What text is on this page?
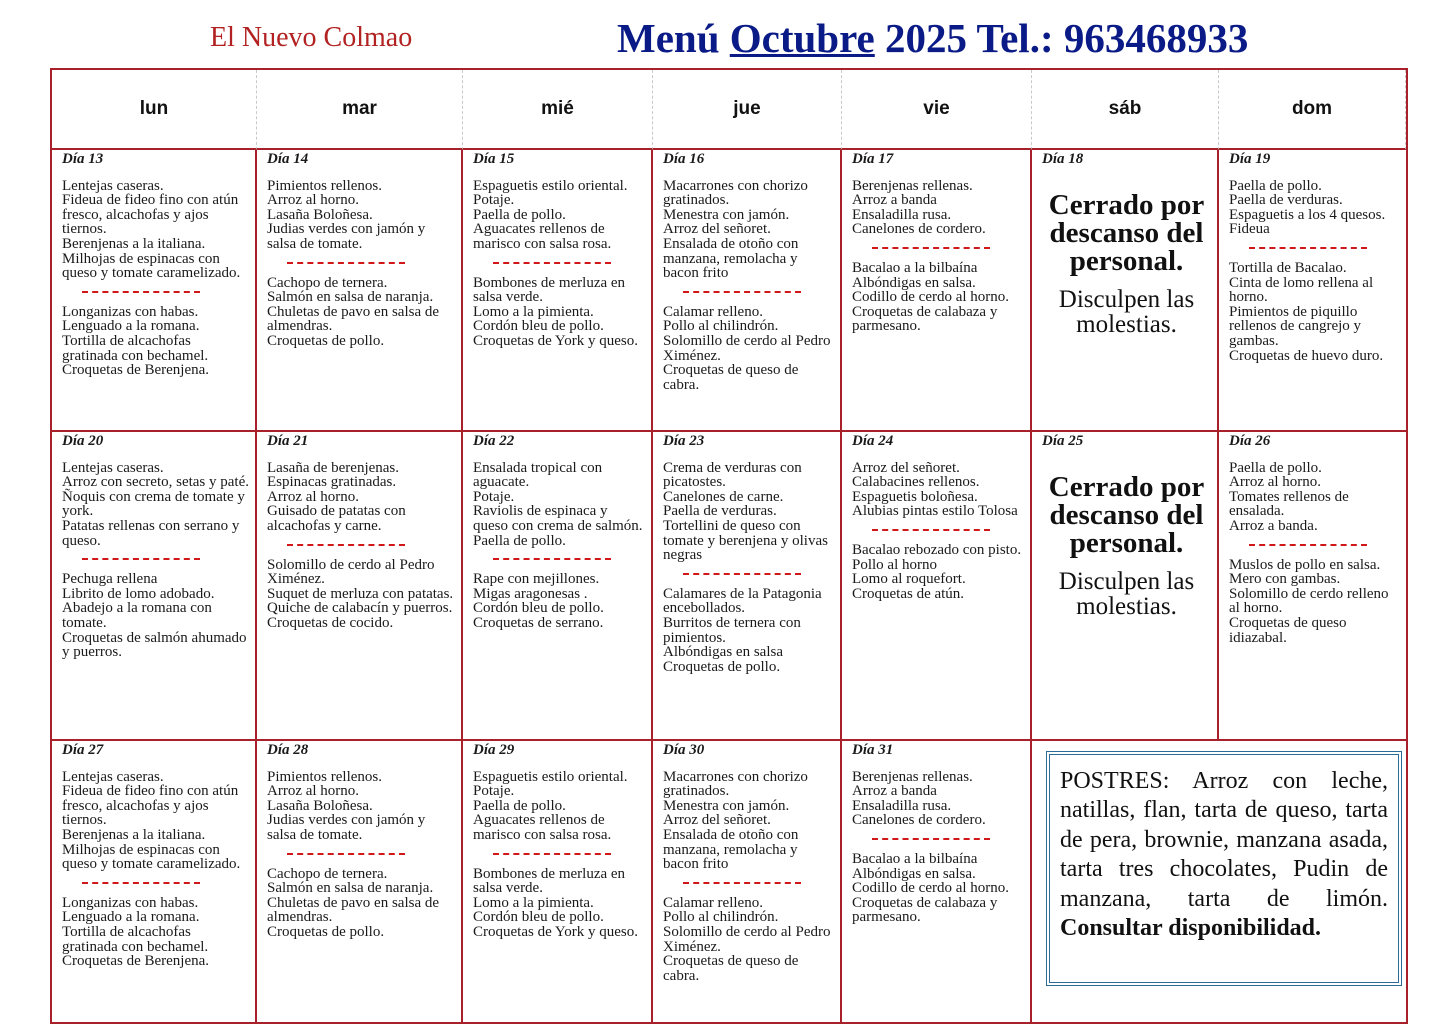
El Nuevo Colmao	Menú Octubre 2025 Tel.: 963468933
lun	mar	mié	jue	vie	sáb	dom
Día 13
Lentejas caseras.
Fideua de fideo fino con atún fresco, alcachofas y ajos tiernos.
Berenjenas a la italiana.
Milhojas de espinacas con queso y tomate caramelizado.
Longanizas con habas.
Lenguado a la romana.
Tortilla de alcachofas gratinada con bechamel.
Croquetas de Berenjena.
Día 14
Pimientos rellenos.
Arroz al horno.
Lasaña Boloñesa.
Judias verdes con jamón y salsa de tomate.
Cachopo de ternera.
Salmón en salsa de naranja.
Chuletas de pavo en salsa de almendras.
Croquetas de pollo.
Día 15
Espaguetis estilo oriental.
Potaje.
Paella de pollo.
Aguacates rellenos de marisco con salsa rosa.
Bombones de merluza en salsa verde.
Lomo a la pimienta.
Cordón bleu de pollo.
Croquetas de York y queso.
Día 16
Macarrones con chorizo gratinados.
Menestra con jamón.
Arroz del señoret.
Ensalada de otoño con manzana, remolacha y bacon frito
Calamar relleno.
Pollo al chilindrón.
Solomillo de cerdo al Pedro Ximénez.
Croquetas de queso de cabra.
Día 17
Berenjenas rellenas.
Arroz a banda
Ensaladilla rusa.
Canelones de cordero.
Bacalao a la bilbaína
Albóndigas en salsa.
Codillo de cerdo al horno.
Croquetas de calabaza y parmesano.
Día 18
Cerrado por descanso del personal.
Disculpen las molestias.
Día 19
Paella de pollo.
Paella de verduras.
Espaguetis a los 4 quesos.
Fideua
Tortilla de Bacalao.
Cinta de lomo rellena al horno.
Pimientos de piquillo rellenos de cangrejo y gambas.
Croquetas de huevo duro.
Día 20
Lentejas caseras.
Arroz con secreto, setas y paté.
Ñoquis con crema de tomate y york.
Patatas rellenas con serrano y queso.
Pechuga rellena
Librito de lomo adobado.
Abadejo a la romana con tomate.
Croquetas de salmón ahumado y puerros.
Día 21
Lasaña de berenjenas.
Espinacas gratinadas.
Arroz al horno.
Guisado de patatas con alcachofas y carne.
Solomillo de cerdo al Pedro Ximénez.
Suquet de merluza con patatas.
Quiche de calabacín y puerros.
Croquetas de cocido.
Día 22
Ensalada tropical con aguacate.
Potaje.
Raviolis de espinaca y queso con crema de salmón.
Paella de pollo.
Rape con mejillones.
Migas aragonesas .
Cordón bleu de pollo.
Croquetas de serrano.
Día 23
Crema de verduras con picatostes.
Canelones de carne.
Paella de verduras.
Tortellini de queso con tomate y berenjena y olivas negras
Calamares de la Patagonia encebollados.
Burritos de ternera con pimientos.
Albóndigas en salsa
Croquetas de pollo.
Día 24
Arroz del señoret.
Calabacines rellenos.
Espaguetis boloñesa.
Alubias pintas estilo Tolosa
Bacalao rebozado con pisto.
Pollo al horno
Lomo al roquefort.
Croquetas de atún.
Día 25
Cerrado por descanso del personal.
Disculpen las molestias.
Día 26
Paella de pollo.
Arroz al horno.
Tomates rellenos de ensalada.
Arroz a banda.
Muslos de pollo en salsa.
Mero con gambas.
Solomillo de cerdo relleno al horno.
Croquetas de queso idiazabal.
Día 27
Lentejas caseras.
Fideua de fideo fino con atún fresco, alcachofas y ajos tiernos.
Berenjenas a la italiana.
Milhojas de espinacas con queso y tomate caramelizado.
Longanizas con habas.
Lenguado a la romana.
Tortilla de alcachofas gratinada con bechamel.
Croquetas de Berenjena.
Día 28
Pimientos rellenos.
Arroz al horno.
Lasaña Boloñesa.
Judias verdes con jamón y salsa de tomate.
Cachopo de ternera.
Salmón en salsa de naranja.
Chuletas de pavo en salsa de almendras.
Croquetas de pollo.
Día 29
Espaguetis estilo oriental.
Potaje.
Paella de pollo.
Aguacates rellenos de marisco con salsa rosa.
Bombones de merluza en salsa verde.
Lomo a la pimienta.
Cordón bleu de pollo.
Croquetas de York y queso.
Día 30
Macarrones con chorizo gratinados.
Menestra con jamón.
Arroz del señoret.
Ensalada de otoño con manzana, remolacha y bacon frito
Calamar relleno.
Pollo al chilindrón.
Solomillo de cerdo al Pedro Ximénez.
Croquetas de queso de cabra.
Día 31
Berenjenas rellenas.
Arroz a banda
Ensaladilla rusa.
Canelones de cordero.
Bacalao a la bilbaína
Albóndigas en salsa.
Codillo de cerdo al horno.
Croquetas de calabaza y parmesano.
POSTRES: Arroz con leche, natillas, flan, tarta de queso, tarta de pera, brownie, manzana asada, tarta tres chocolates, Pudin de manzana, tarta de limón. Consultar disponibilidad.
